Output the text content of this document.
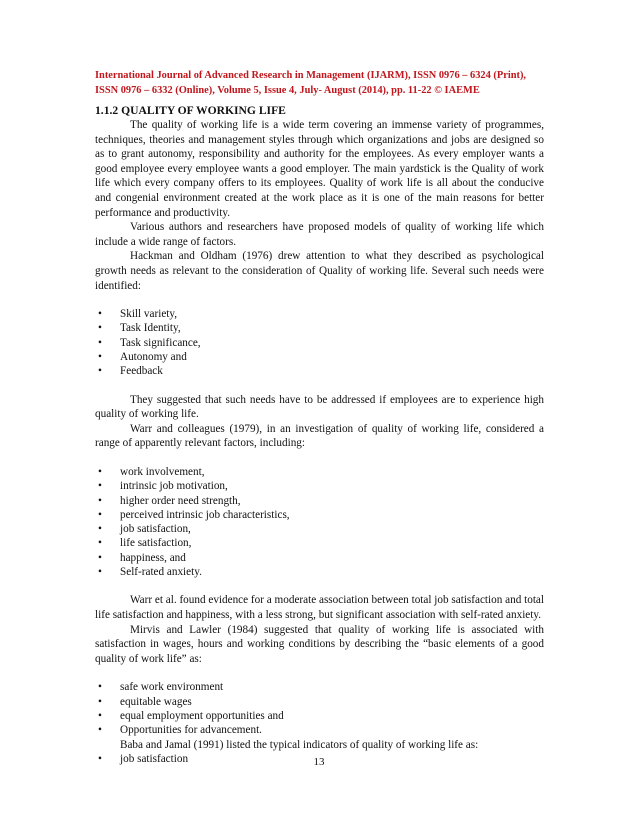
International Journal of Advanced Research in Management (IJARM), ISSN 0976 – 6324 (Print),
ISSN 0976 – 6332 (Online), Volume 5, Issue 4, July- August (2014), pp. 11-22 © IAEME
1.1.2 QUALITY OF WORKING LIFE

The quality of working life is a wide term covering an immense variety of programmes, techniques, theories and management styles through which organizations and jobs are designed so as to grant autonomy, responsibility and authority for the employees. As every employer wants a good employee every employee wants a good employer. The main yardstick is the Quality of work life which every company offers to its employees. Quality of work life is all about the conducive and congenial environment created at the work place as it is one of the main reasons for better performance and productivity.

Various authors and researchers have proposed models of quality of working life which include a wide range of factors.

Hackman and Oldham (1976) drew attention to what they described as psychological growth needs as relevant to the consideration of Quality of working life. Several such needs were identified:

•	Skill variety,
•	Task Identity,
•	Task significance,
•	Autonomy and
•	Feedback

They suggested that such needs have to be addressed if employees are to experience high quality of working life.

Warr and colleagues (1979), in an investigation of quality of working life, considered a range of apparently relevant factors, including:

•	work involvement,
•	intrinsic job motivation,
•	higher order need strength,
•	perceived intrinsic job characteristics,
•	job satisfaction,
•	life satisfaction,
•	happiness, and
•	Self-rated anxiety.

Warr et al. found evidence for a moderate association between total job satisfaction and total life satisfaction and happiness, with a less strong, but significant association with self-rated anxiety.

Mirvis and Lawler (1984) suggested that quality of working life is associated with satisfaction in wages, hours and working conditions by describing the “basic elements of a good quality of work life” as:

•	safe work environment
•	equitable wages
•	equal employment opportunities and
•	Opportunities for advancement.

Baba and Jamal (1991) listed the typical indicators of quality of working life as:

•	job satisfaction	13
